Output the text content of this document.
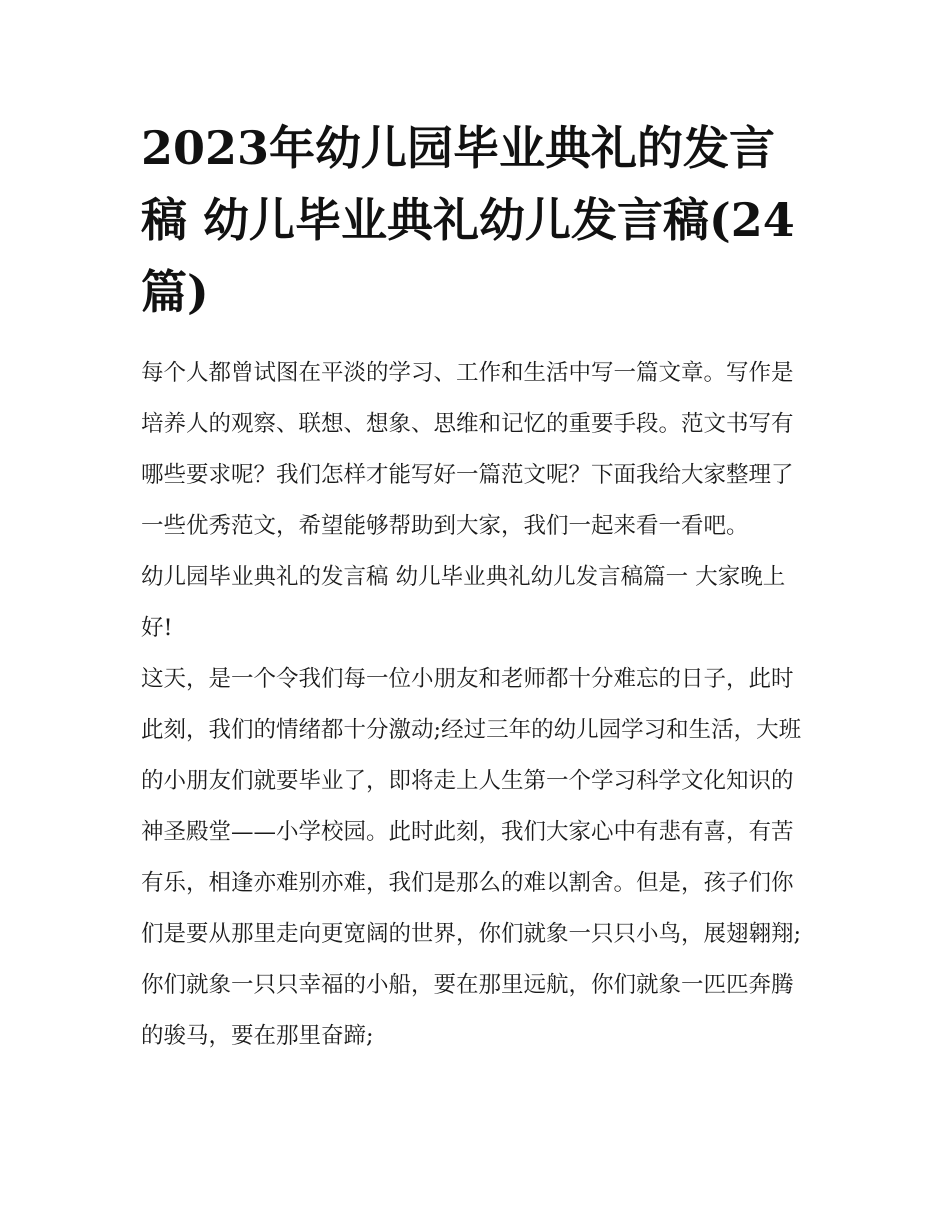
2023年幼儿园毕业典礼的发言稿 幼儿毕业典礼幼儿发言稿(24篇)

每个人都曾试图在平淡的学习、工作和生活中写一篇文章。写作是培养人的观察、联想、想象、思维和记忆的重要手段。范文书写有哪些要求呢？我们怎样才能写好一篇范文呢？下面我给大家整理了一些优秀范文，希望能够帮助到大家，我们一起来看一看吧。

幼儿园毕业典礼的发言稿 幼儿毕业典礼幼儿发言稿篇一 大家晚上好!

这天，是一个令我们每一位小朋友和老师都十分难忘的日子，此时此刻，我们的情绪都十分激动;经过三年的幼儿园学习和生活，大班的小朋友们就要毕业了，即将走上人生第一个学习科学文化知识的神圣殿堂——小学校园。此时此刻，我们大家心中有悲有喜，有苦有乐，相逢亦难别亦难，我们是那么的难以割舍。但是，孩子们你们是要从那里走向更宽阔的世界，你们就象一只只小鸟，展翅翱翔;你们就象一只只幸福的小船，要在那里远航，你们就象一匹匹奔腾的骏马，要在那里奋蹄;
